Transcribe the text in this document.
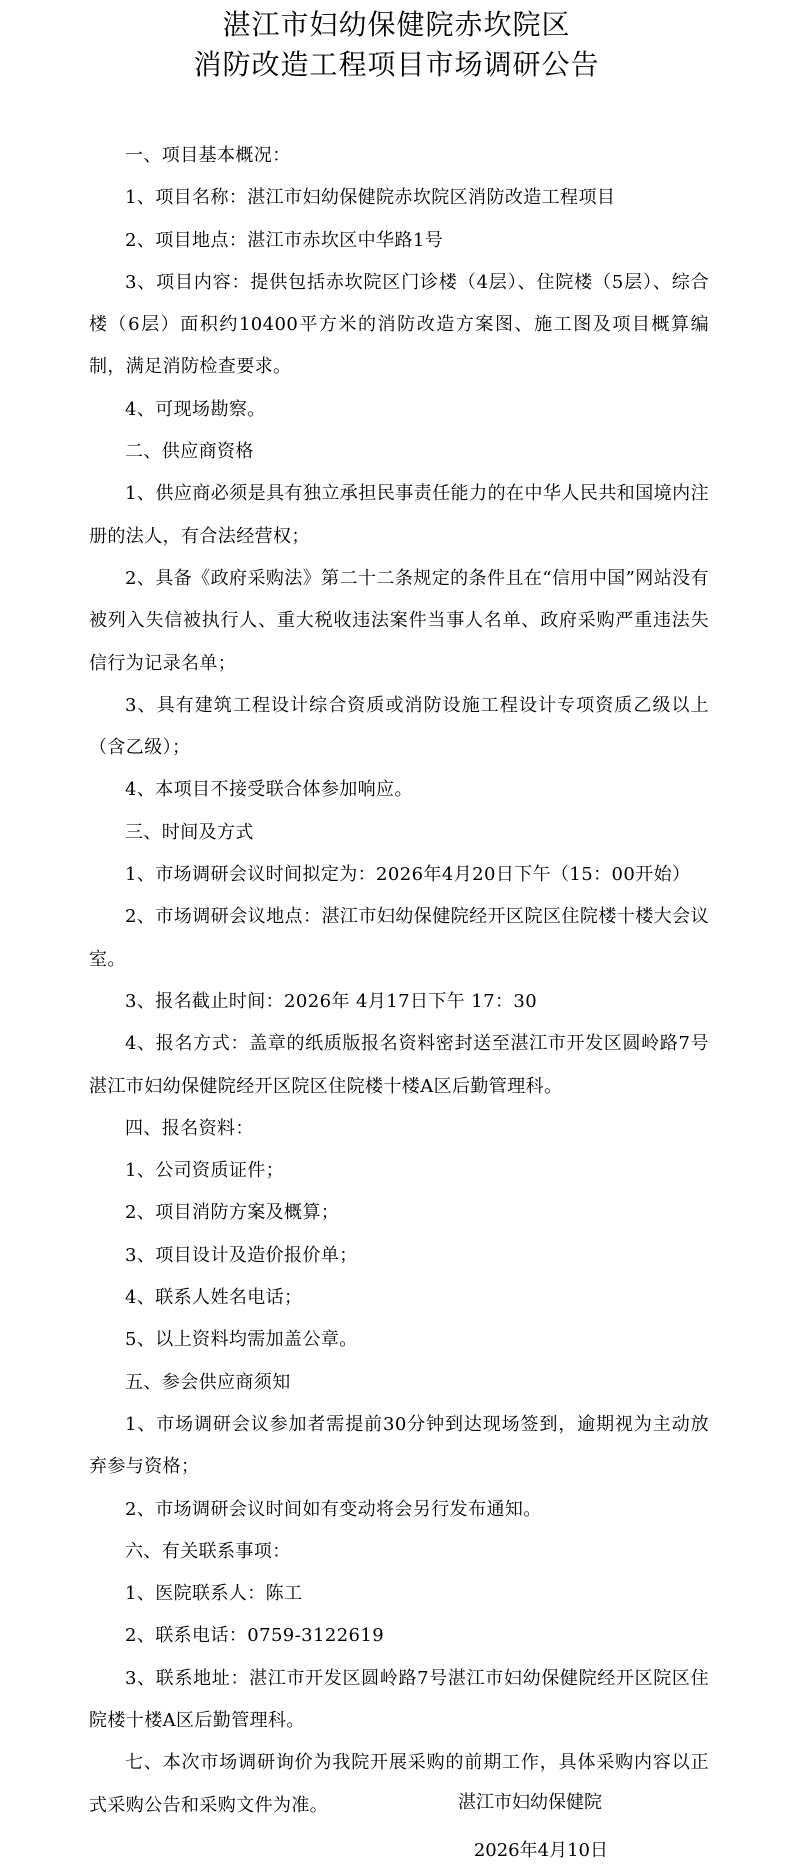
湛江市妇幼保健院赤坎院区
消防改造工程项目市场调研公告

一、项目基本概况：

1、项目名称：湛江市妇幼保健院赤坎院区消防改造工程项目

2、项目地点：湛江市赤坎区中华路1号

3、项目内容：提供包括赤坎院区门诊楼（4层）、住院楼（5层）、综合楼（6层）面积约10400平方米的消防改造方案图、施工图及项目概算编制，满足消防检查要求。

4、可现场勘察。

二、供应商资格

1、供应商必须是具有独立承担民事责任能力的在中华人民共和国境内注册的法人，有合法经营权；

2、具备《政府采购法》第二十二条规定的条件且在“信用中国”网站没有被列入失信被执行人、重大税收违法案件当事人名单、政府采购严重违法失信行为记录名单；

3、具有建筑工程设计综合资质或消防设施工程设计专项资质乙级以上（含乙级）；

4、本项目不接受联合体参加响应。

三、时间及方式

1、市场调研会议时间拟定为：2026年4月20日下午（15：00开始）

2、市场调研会议地点：湛江市妇幼保健院经开区院区住院楼十楼大会议室。

3、报名截止时间：2026年 4月17日下午 17：30

4、报名方式：盖章的纸质版报名资料密封送至湛江市开发区圆岭路7号湛江市妇幼保健院经开区院区住院楼十楼A区后勤管理科。

四、报名资料：

1、公司资质证件；

2、项目消防方案及概算；

3、项目设计及造价报价单；

4、联系人姓名电话；

5、以上资料均需加盖公章。

五、参会供应商须知

1、市场调研会议参加者需提前30分钟到达现场签到，逾期视为主动放弃参与资格；

2、市场调研会议时间如有变动将会另行发布通知。

六、有关联系事项：

1、医院联系人：陈工

2、联系电话：0759-3122619

3、联系地址：湛江市开发区圆岭路7号湛江市妇幼保健院经开区院区住院楼十楼A区后勤管理科。

七、本次市场调研询价为我院开展采购的前期工作，具体采购内容以正式采购公告和采购文件为准。	湛江市妇幼保健院
2026年4月10日
